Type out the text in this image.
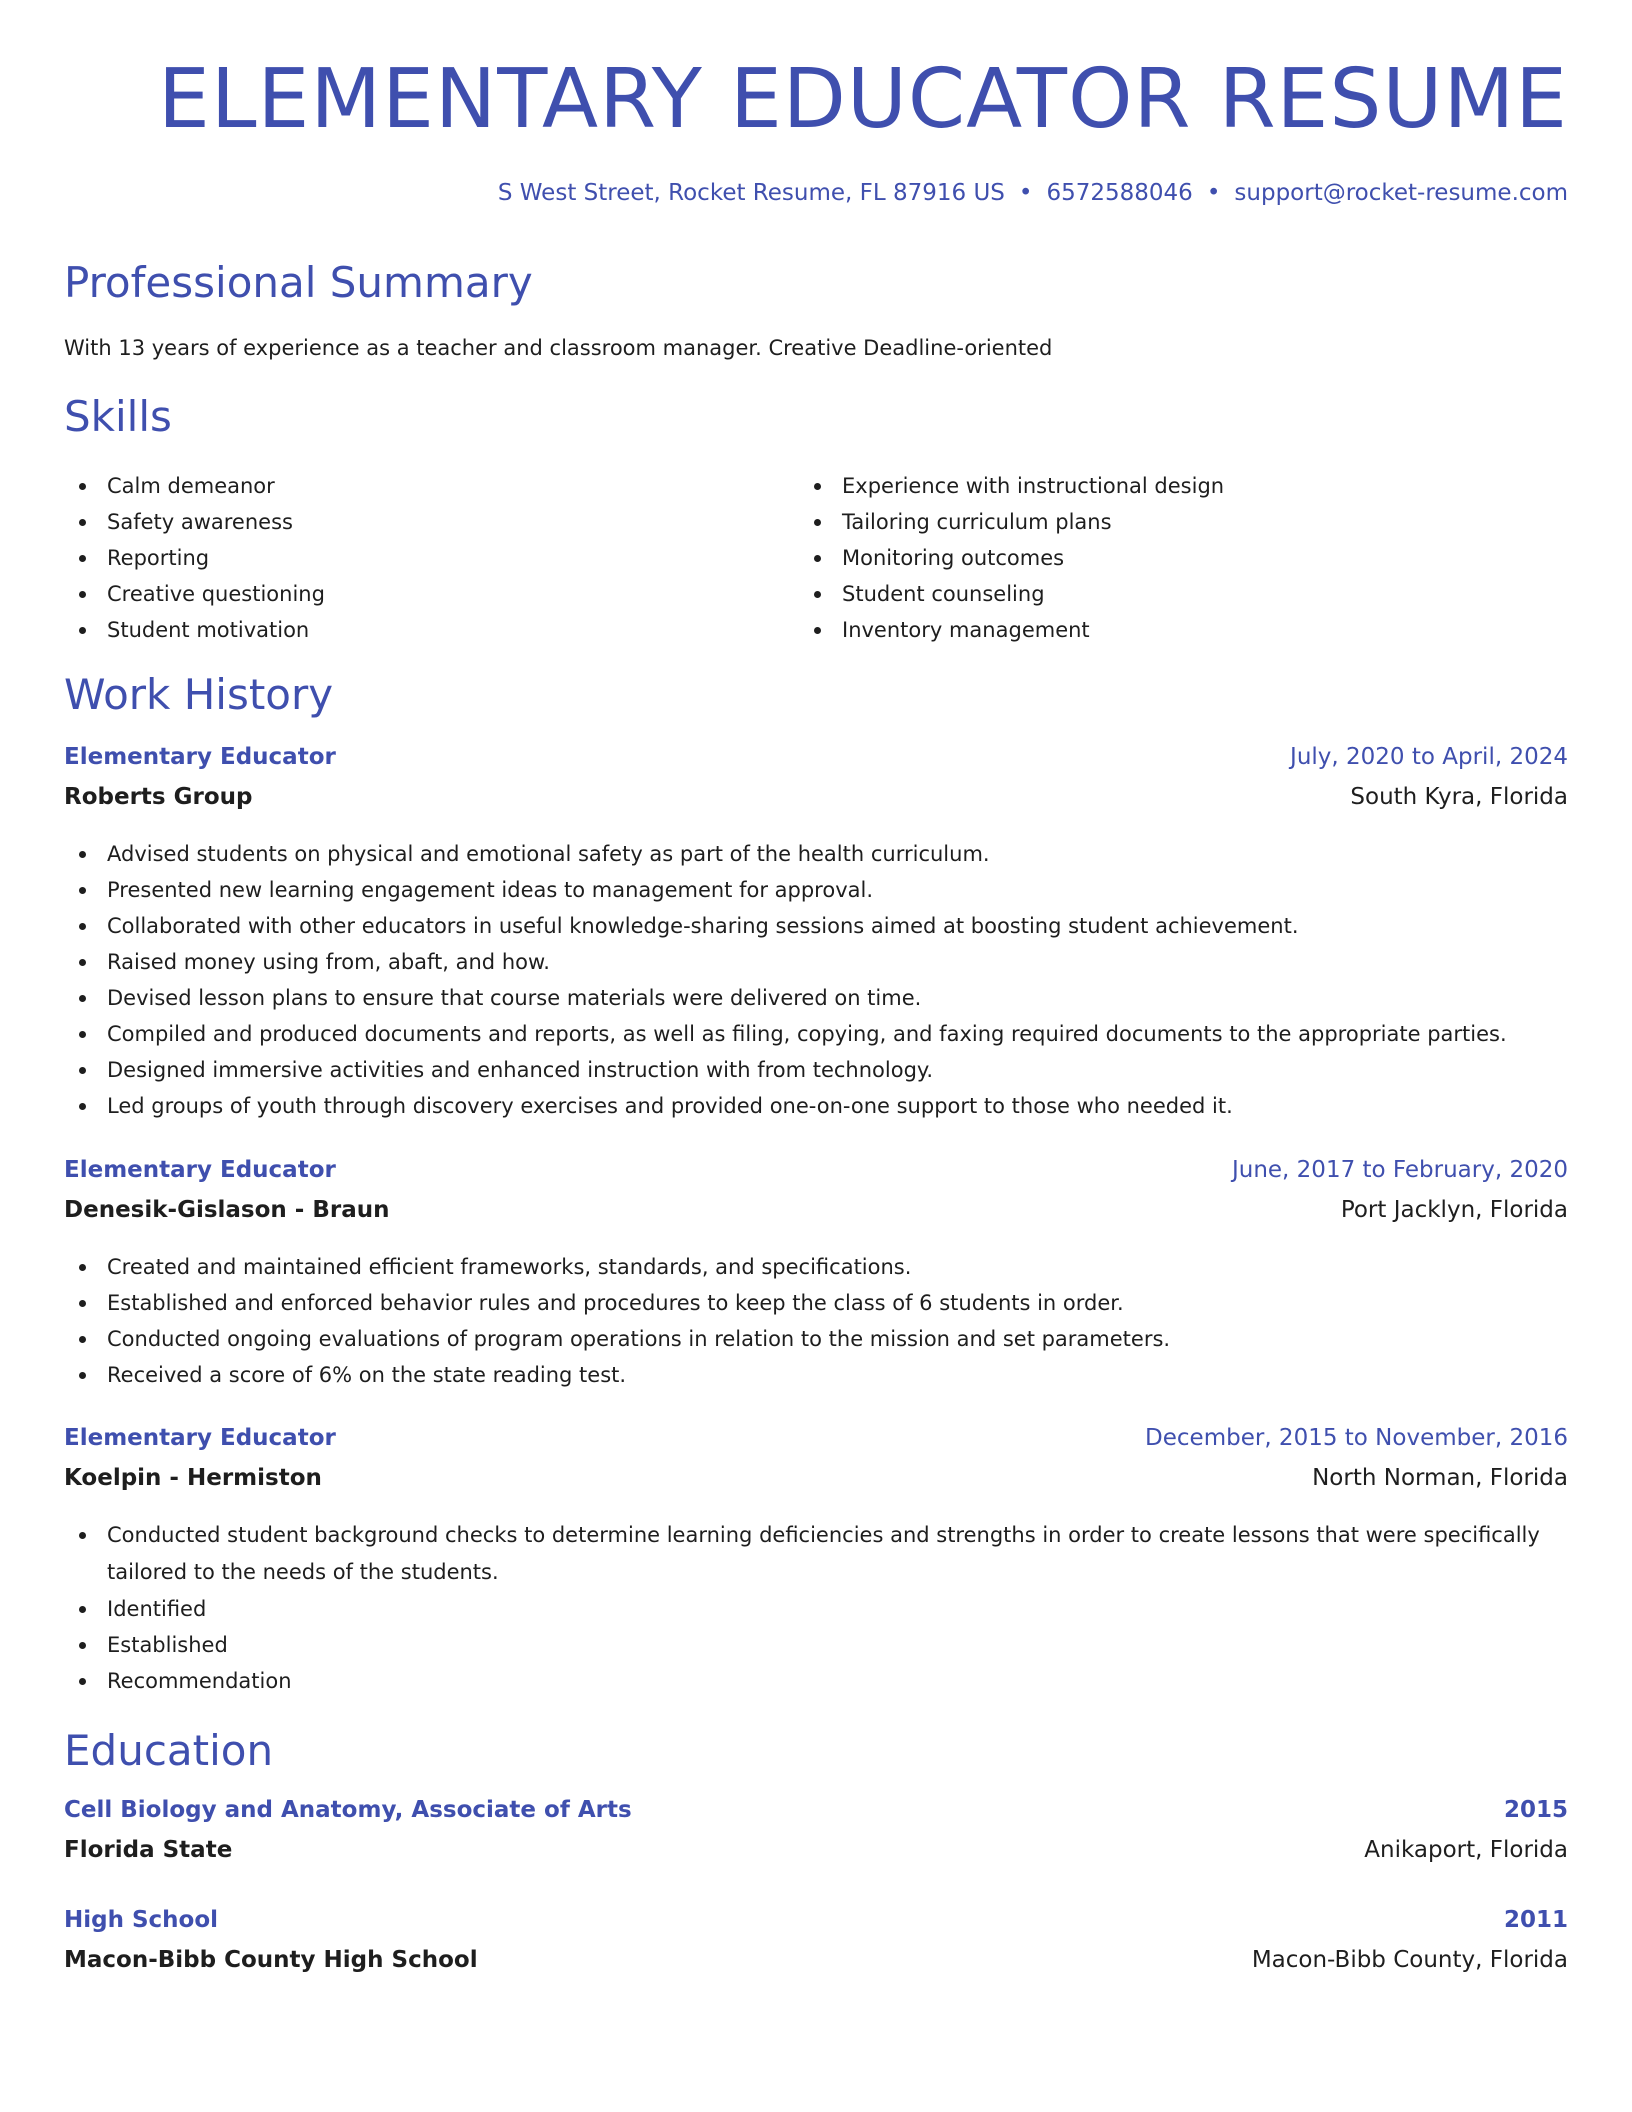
ELEMENTARY EDUCATOR RESUME
S West Street, Rocket Resume, FL 87916 US • 6572588046 • support@rocket-resume.com
Professional Summary
With 13 years of experience as a teacher and classroom manager. Creative Deadline-oriented
Skills
Calm demeanor
Safety awareness
Reporting
Creative questioning
Student motivation
Experience with instructional design
Tailoring curriculum plans
Monitoring outcomes
Student counseling
Inventory management
Work History
Elementary Educator	July, 2020 to April, 2024
Roberts Group	South Kyra, Florida
Advised students on physical and emotional safety as part of the health curriculum.
Presented new learning engagement ideas to management for approval.
Collaborated with other educators in useful knowledge-sharing sessions aimed at boosting student achievement.
Raised money using from, abaft, and how.
Devised lesson plans to ensure that course materials were delivered on time.
Compiled and produced documents and reports, as well as filing, copying, and faxing required documents to the appropriate parties.
Designed immersive activities and enhanced instruction with from technology.
Led groups of youth through discovery exercises and provided one-on-one support to those who needed it.
Elementary Educator	June, 2017 to February, 2020
Denesik-Gislason - Braun	Port Jacklyn, Florida
Created and maintained efficient frameworks, standards, and specifications.
Established and enforced behavior rules and procedures to keep the class of 6 students in order.
Conducted ongoing evaluations of program operations in relation to the mission and set parameters.
Received a score of 6% on the state reading test.
Elementary Educator	December, 2015 to November, 2016
Koelpin - Hermiston	North Norman, Florida
Conducted student background checks to determine learning deficiencies and strengths in order to create lessons that were specifically tailored to the needs of the students.
Identified
Established
Recommendation
Education
Cell Biology and Anatomy, Associate of Arts	2015
Florida State	Anikaport, Florida
High School	2011
Macon-Bibb County High School	Macon-Bibb County, Florida
